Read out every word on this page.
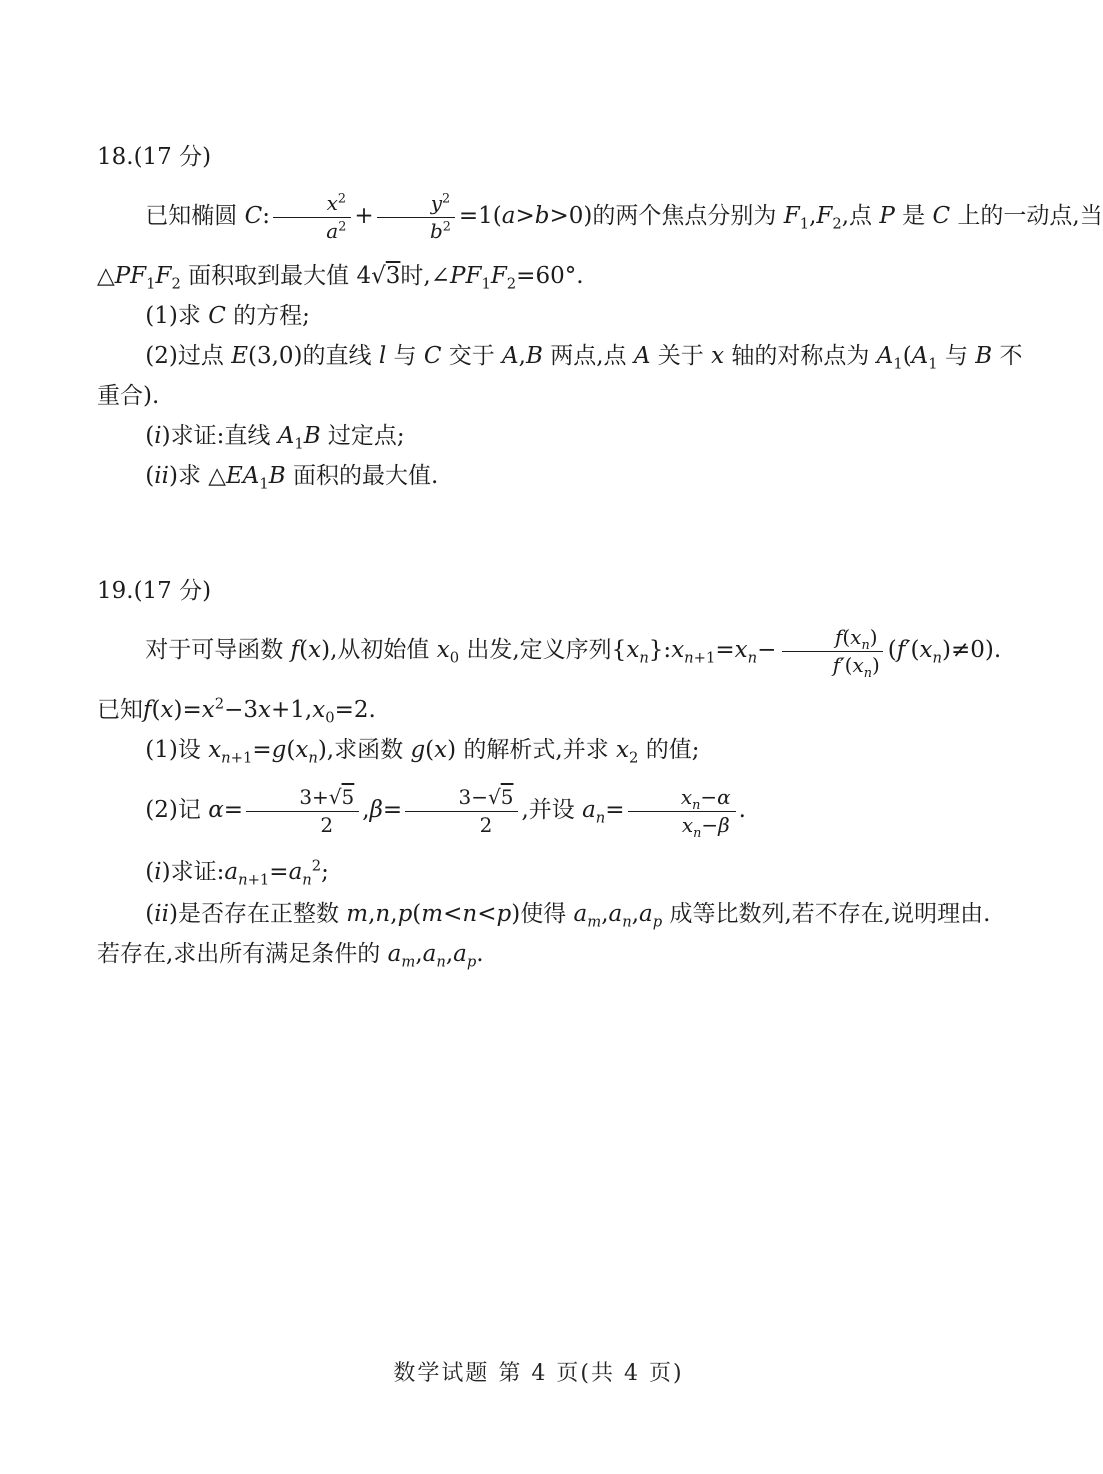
18.(17 分)

已知椭圆 C: $\frac{x^2}{a^2} + \frac{y^2}{b^2} =1(a>b>0)$的两个焦点分别为 $F_1,F_2$,点 P 是 C 上的一动点,当

$\triangle PF_1F_2$ 面积取到最大值 4√3时$,\angle PF_1F_2=60^\circ$.

(1)求 C 的方程;

(2)过点 E(3,0)的直线 l 与 C 交于 A,B 两点,点 A 关于 x 轴的对称点为 $A_1(A_1$ 与 B 不

重合).

(i)求证:直线 $A_1B$ 过定点;

(ii)求 $\triangle EA_1B$ 面积的最大值.

19.(17 分)

对于可导函数 f(x),从初始值 $x_0$ 出发,定义序列$\{x_n\}:x_{n+1}=x_n- \frac{f(x_n)}{f'(x_n)} (f'(x_n)\ne 0)$.

已知$f(x)=x^2-3x+1,x_0=2$.

(1)设 $x_{n+1}=g(x_n)$,求函数 g(x) 的解析式,并求 $x_2$ 的值;

(2)记 $\alpha= \frac{3+√5}{2} ,\beta= \frac{3-√5}{2}$ ,并设 $a_n= \frac{x_n-\alpha}{x_n-\beta}$ .

(i)求证$:a_{n+1}=a_n^2$;

(ii)是否存在正整数 m,n,p(m<n<p)使得 $a_m,a_n,a_p$ 成等比数列,若不存在,说明理由.

若存在,求出所有满足条件的 $a_m,a_n,a_p$.

数学试题 第 4 页(共 4 页)
